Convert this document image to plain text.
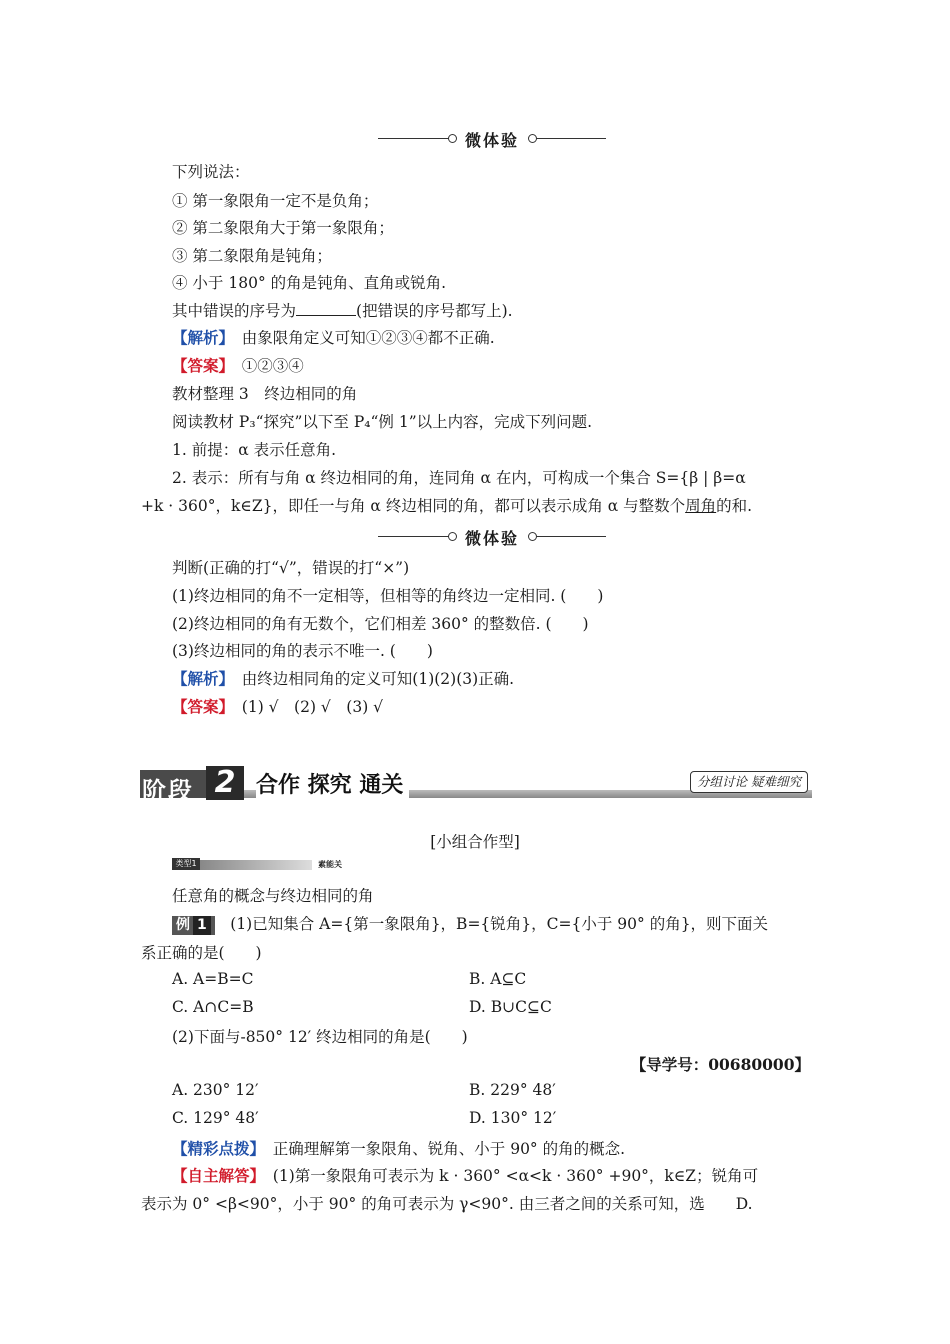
微体验
下列说法：
① 第一象限角一定不是负角；
② 第二象限角大于第一象限角；
③ 第二象限角是钝角；
④ 小于 180° 的角是钝角、直角或锐角.
其中错误的序号为	(把错误的序号都写上).
【解析】　 由象限角定义可知①②③④都不正确.
【答案】　 ①②③④
教材整理 3　终边相同的角
阅读教材 P₃“探究”以下至 P₄“例 1”以上内容，完成下列问题.
1. 前提：α 表示任意角.
2. 表示：所有与角 α 终边相同的角，连同角 α 在内，可构成一个集合 S={β | β=α
+k · 360°，k∈Z}，即任一与角 α 终边相同的角，都可以表示成角 α 与整数个周角的和.
微体验
判断(正确的打“√”，错误的打“×”)
(1)终边相同的角不一定相等，但相等的角终边一定相同. (　　)
(2)终边相同的角有无数个，它们相差 360° 的整数倍. (　　)
(3)终边相同的角的表示不唯一. (　　)
【解析】　 由终边相同角的定义可知(1)(2)(3)正确.
【答案】　 (1) √　(2) √　(3) √
阶段 2 合作 探究 通关	分组讨论 疑难细究
[小组合作型]
类型1	素能关
任意角的概念与终边相同的角
例 1　 (1)已知集合 A={第一象限角}，B={锐角}，C={小于 90° 的角}，则下面关
系正确的是(　　)
A. A=B=C	B. A⊆C
C. A∩C=B	D. B∪C⊆C
(2)下面与-850° 12′ 终边相同的角是(　　)
【导学号：00680000】
A. 230° 12′	B. 229° 48′
C. 129° 48′	D. 130° 12′
【精彩点拨】　 正确理解第一象限角、锐角、小于 90° 的角的概念.
【自主解答】　 (1)第一象限角可表示为 k · 360° <α<k · 360° +90°，k∈Z；锐角可
表示为 0° <β<90°，小于 90° 的角可表示为 γ<90°. 由三者之间的关系可知，选　　D.
